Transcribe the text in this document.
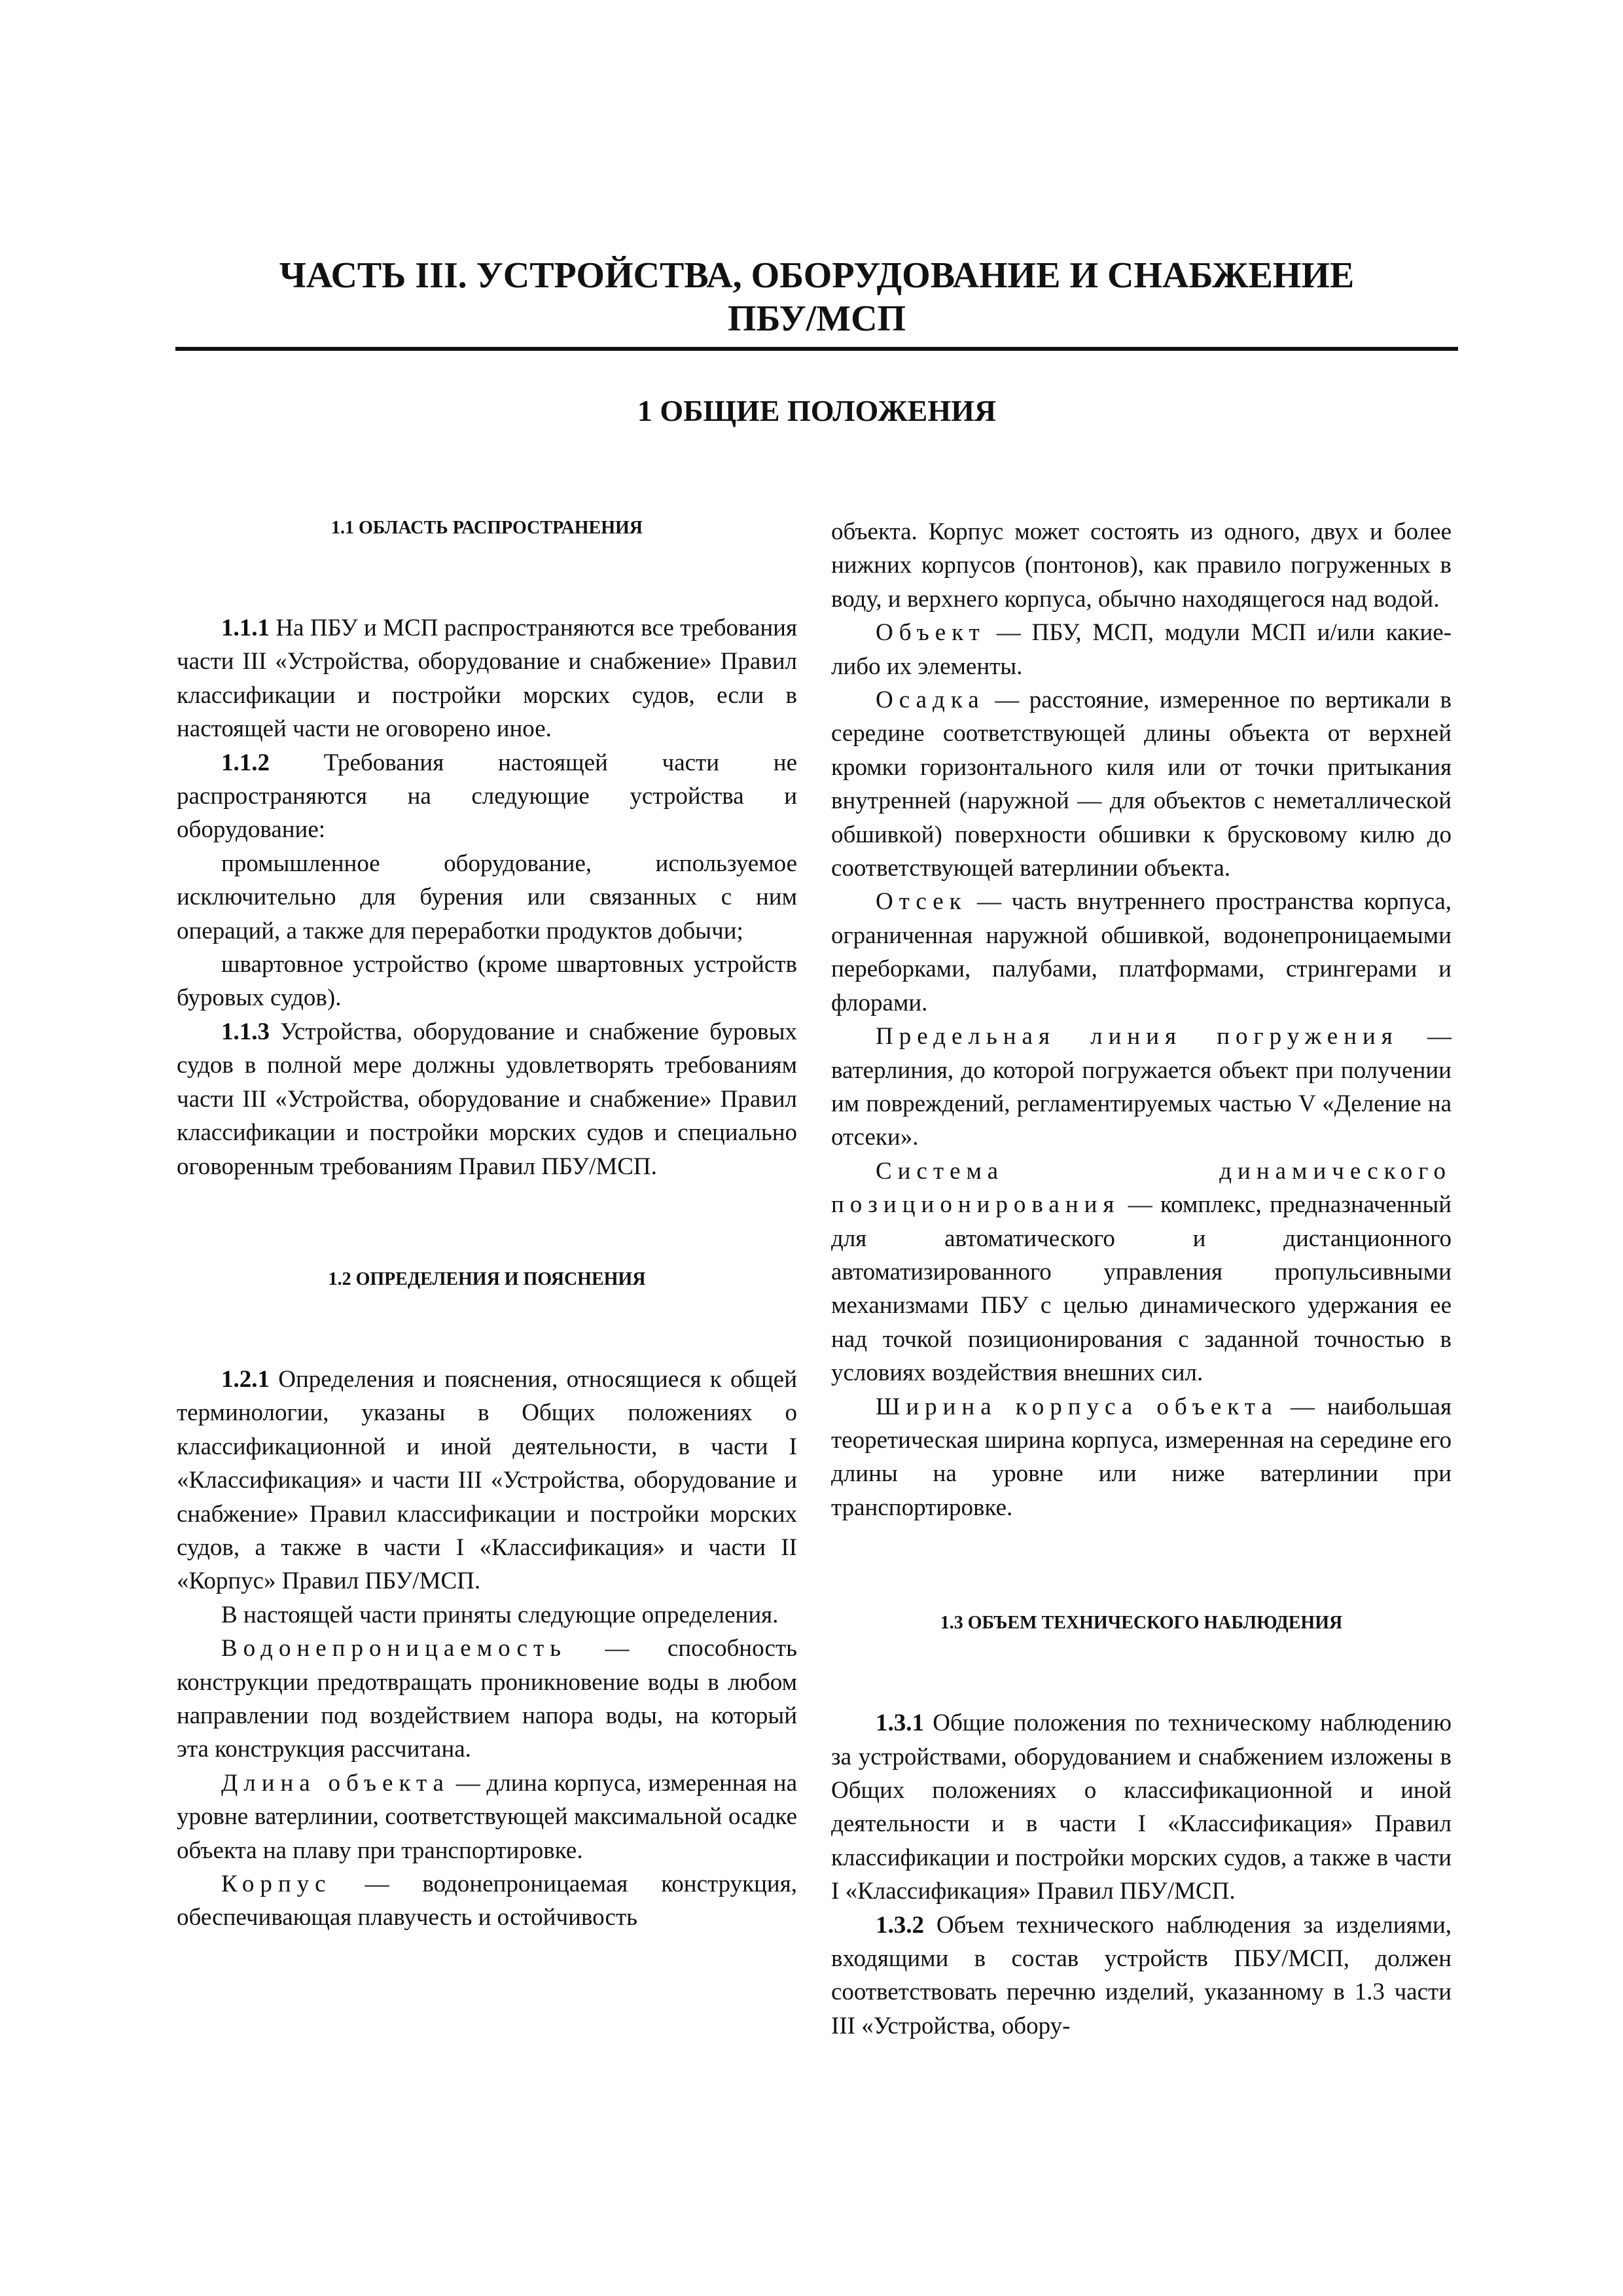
ЧАСТЬ III. УСТРОЙСТВА, ОБОРУДОВАНИЕ И СНАБЖЕНИЕ
ПБУ/МСП
1 ОБЩИЕ ПОЛОЖЕНИЯ
1.1 ОБЛАСТЬ РАСПРОСТРАНЕНИЯ

1.1.1 На ПБУ и МСП распространяются все требования части III «Устройства, оборудование и снабжение» Правил классификации и постройки морских судов, если в настоящей части не оговорено иное.

1.1.2 Требования настоящей части не распространяются на следующие устройства и оборудование:

промышленное оборудование, используемое исключительно для бурения или связанных с ним операций, а также для переработки продуктов добычи;

швартовное устройство (кроме швартовных устройств буровых судов).

1.1.3 Устройства, оборудование и снабжение буровых судов в полной мере должны удовлетворять требованиям части III «Устройства, оборудование и снабжение» Правил классификации и постройки морских судов и специально оговоренным требованиям Правил ПБУ/МСП.

1.2 ОПРЕДЕЛЕНИЯ И ПОЯСНЕНИЯ

1.2.1 Определения и пояснения, относящиеся к общей терминологии, указаны в Общих положениях о классификационной и иной деятельности, в части I «Классификация» и части III «Устройства, оборудование и снабжение» Правил классификации и постройки морских судов, а также в части I «Классификация» и части II «Корпус» Правил ПБУ/МСП.

В настоящей части приняты следующие определения.

Водонепроницаемость — способность конструкции предотвращать проникновение воды в любом направлении под воздействием напора воды, на который эта конструкция рассчитана.

Длина объекта — длина корпуса, измеренная на уровне ватерлинии, соответствующей максимальной осадке объекта на плаву при транспортировке.

Корпус — водонепроницаемая конструкция, обеспечивающая плавучесть и остойчивость

объекта. Корпус может состоять из одного, двух и более нижних корпусов (понтонов), как правило погруженных в воду, и верхнего корпуса, обычно находящегося над водой.

Объект — ПБУ, МСП, модули МСП и/или какие-либо их элементы.

Осадка — расстояние, измеренное по вертикали в середине соответствующей длины объекта от верхней кромки горизонтального киля или от точки притыкания внутренней (наружной — для объектов с неметаллической обшивкой) поверхности обшивки к брусковому килю до соответствующей ватерлинии объекта.

Отсек — часть внутреннего пространства корпуса, ограниченная наружной обшивкой, водонепроницаемыми переборками, палубами, платформами, стрингерами и флорами.

Предельная линия погружения — ватерлиния, до которой погружается объект при получении им повреждений, регламентируемых частью V «Деление на отсеки».

Система динамического позиционирования — комплекс, предназначенный для автоматического и дистанционного автоматизированного управления пропульсивными механизмами ПБУ с целью динамического удержания ее над точкой позиционирования с заданной точностью в условиях воздействия внешних сил.

Ширина корпуса объекта — наибольшая теоретическая ширина корпуса, измеренная на середине его длины на уровне или ниже ватерлинии при транспортировке.

1.3 ОБЪЕМ ТЕХНИЧЕСКОГО НАБЛЮДЕНИЯ

1.3.1 Общие положения по техническому наблюдению за устройствами, оборудованием и снабжением изложены в Общих положениях о классификационной и иной деятельности и в части I «Классификация» Правил классификации и постройки морских судов, а также в части I «Классификация» Правил ПБУ/МСП.

1.3.2 Объем технического наблюдения за изделиями, входящими в состав устройств ПБУ/МСП, должен соответствовать перечню изделий, указанному в 1.3 части III «Устройства, обору-
